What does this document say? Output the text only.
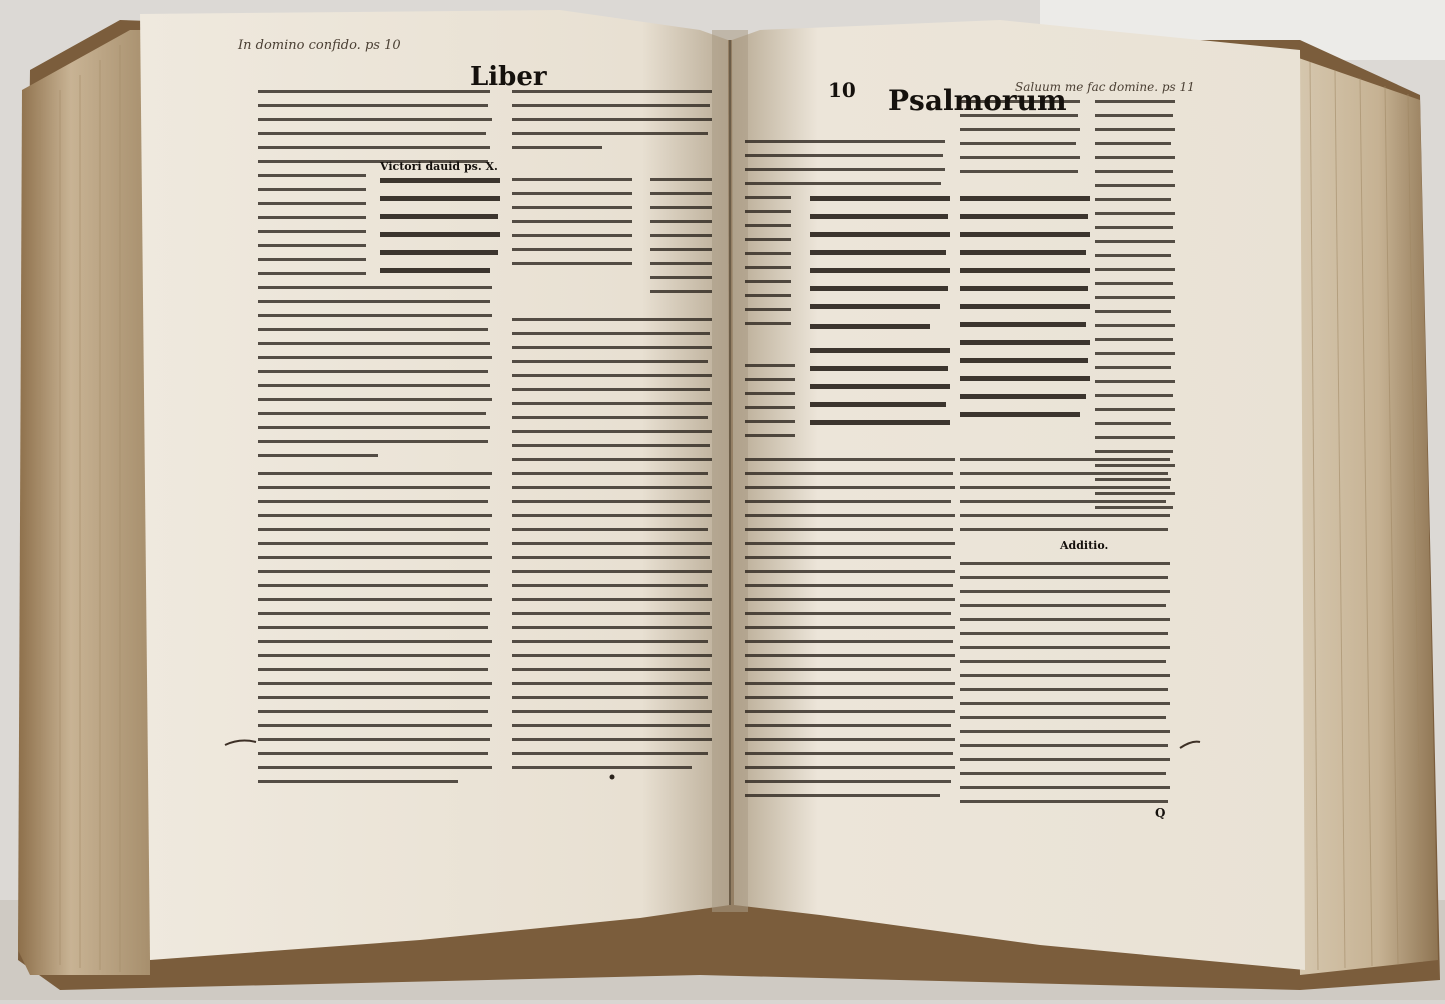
In domino confido. ps 10
Liber
Victori dauid ps. X.
10 Psalmorum
Saluum me fac domine. ps 11
Additio.
Q
